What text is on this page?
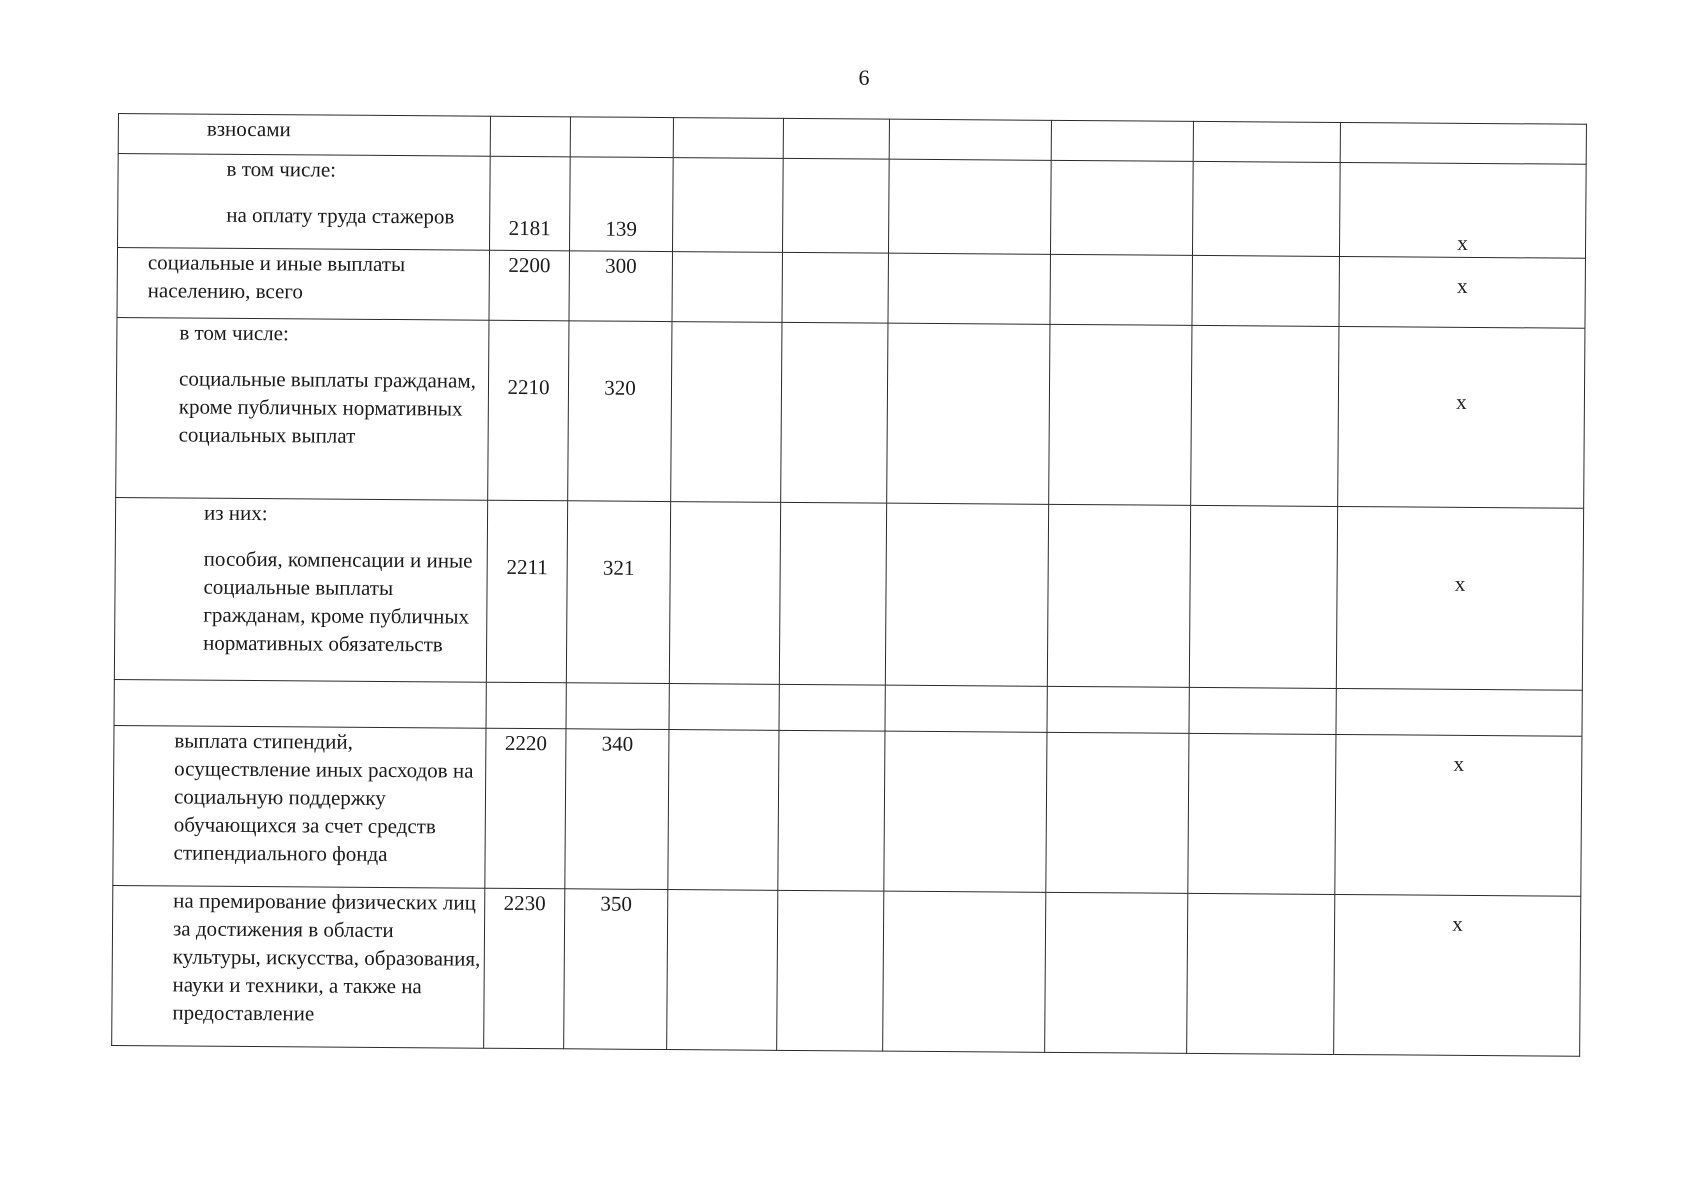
6
взносами								

в том числе:
на оплату труда стажеров	2181	139						х

социальные и иные выплаты населению, всего	2200	300						х

в том числе:
социальные выплаты гражданам, кроме публичных нормативных социальных выплат	2210	320						х

из них:
пособия, компенсации и иные социальные выплаты гражданам, кроме публичных нормативных обязательств	2211	321						х

выплата стипендий, осуществление иных расходов на социальную поддержку обучающихся за счет средств стипендиального фонда	2220	340						х

на премирование физических лиц за достижения в области культуры, искусства, образования, науки и техники, а также на предоставление	2230	350						х
